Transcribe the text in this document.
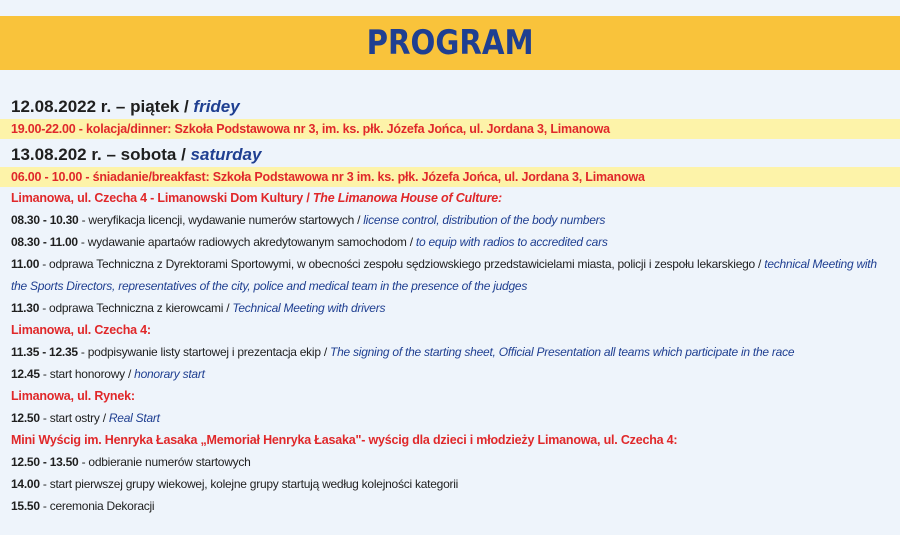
PROGRAM
12.08.2022 r. – piątek / fridey
19.00-22.00 - kolacja/dinner: Szkoła Podstawowa nr 3, im. ks. płk. Józefa Jońca, ul. Jordana 3, Limanowa
13.08.202 r. – sobota / saturday
06.00 - 10.00 - śniadanie/breakfast: Szkoła Podstawowa nr 3 im. ks. płk. Józefa Jońca, ul. Jordana 3, Limanowa
Limanowa, ul. Czecha 4 - Limanowski Dom Kultury / The Limanowa House of Culture:
08.30 - 10.30 - weryfikacja licencji, wydawanie numerów startowych / license control, distribution of the body numbers
08.30 - 11.00 - wydawanie apartaów radiowych akredytowanym samochodom / to equip with radios to accredited cars
11.00 - odprawa Techniczna z Dyrektorami Sportowymi, w obecności zespołu sędziowskiego przedstawicielami miasta, policji i zespołu lekarskiego / technical Meeting with the Sports Directors, representatives of the city, police and medical team in the presence of the judges
11.30 - odprawa Techniczna z kierowcami / Technical Meeting with drivers
Limanowa, ul. Czecha 4:
11.35 - 12.35 - podpisywanie listy startowej i prezentacja ekip / The signing of the starting sheet, Official Presentation all teams which participate in the race
12.45 - start honorowy / honorary start
Limanowa, ul. Rynek:
12.50 - start ostry / Real Start
Mini Wyścig im. Henryka Łasaka „Memoriał Henryka Łasaka"- wyścig dla dzieci i młodzieży Limanowa, ul. Czecha 4:
12.50 - 13.50 - odbieranie numerów startowych
14.00 - start pierwszej grupy wiekowej, kolejne grupy startują według kolejności kategorii
15.50 - ceremonia Dekoracji
